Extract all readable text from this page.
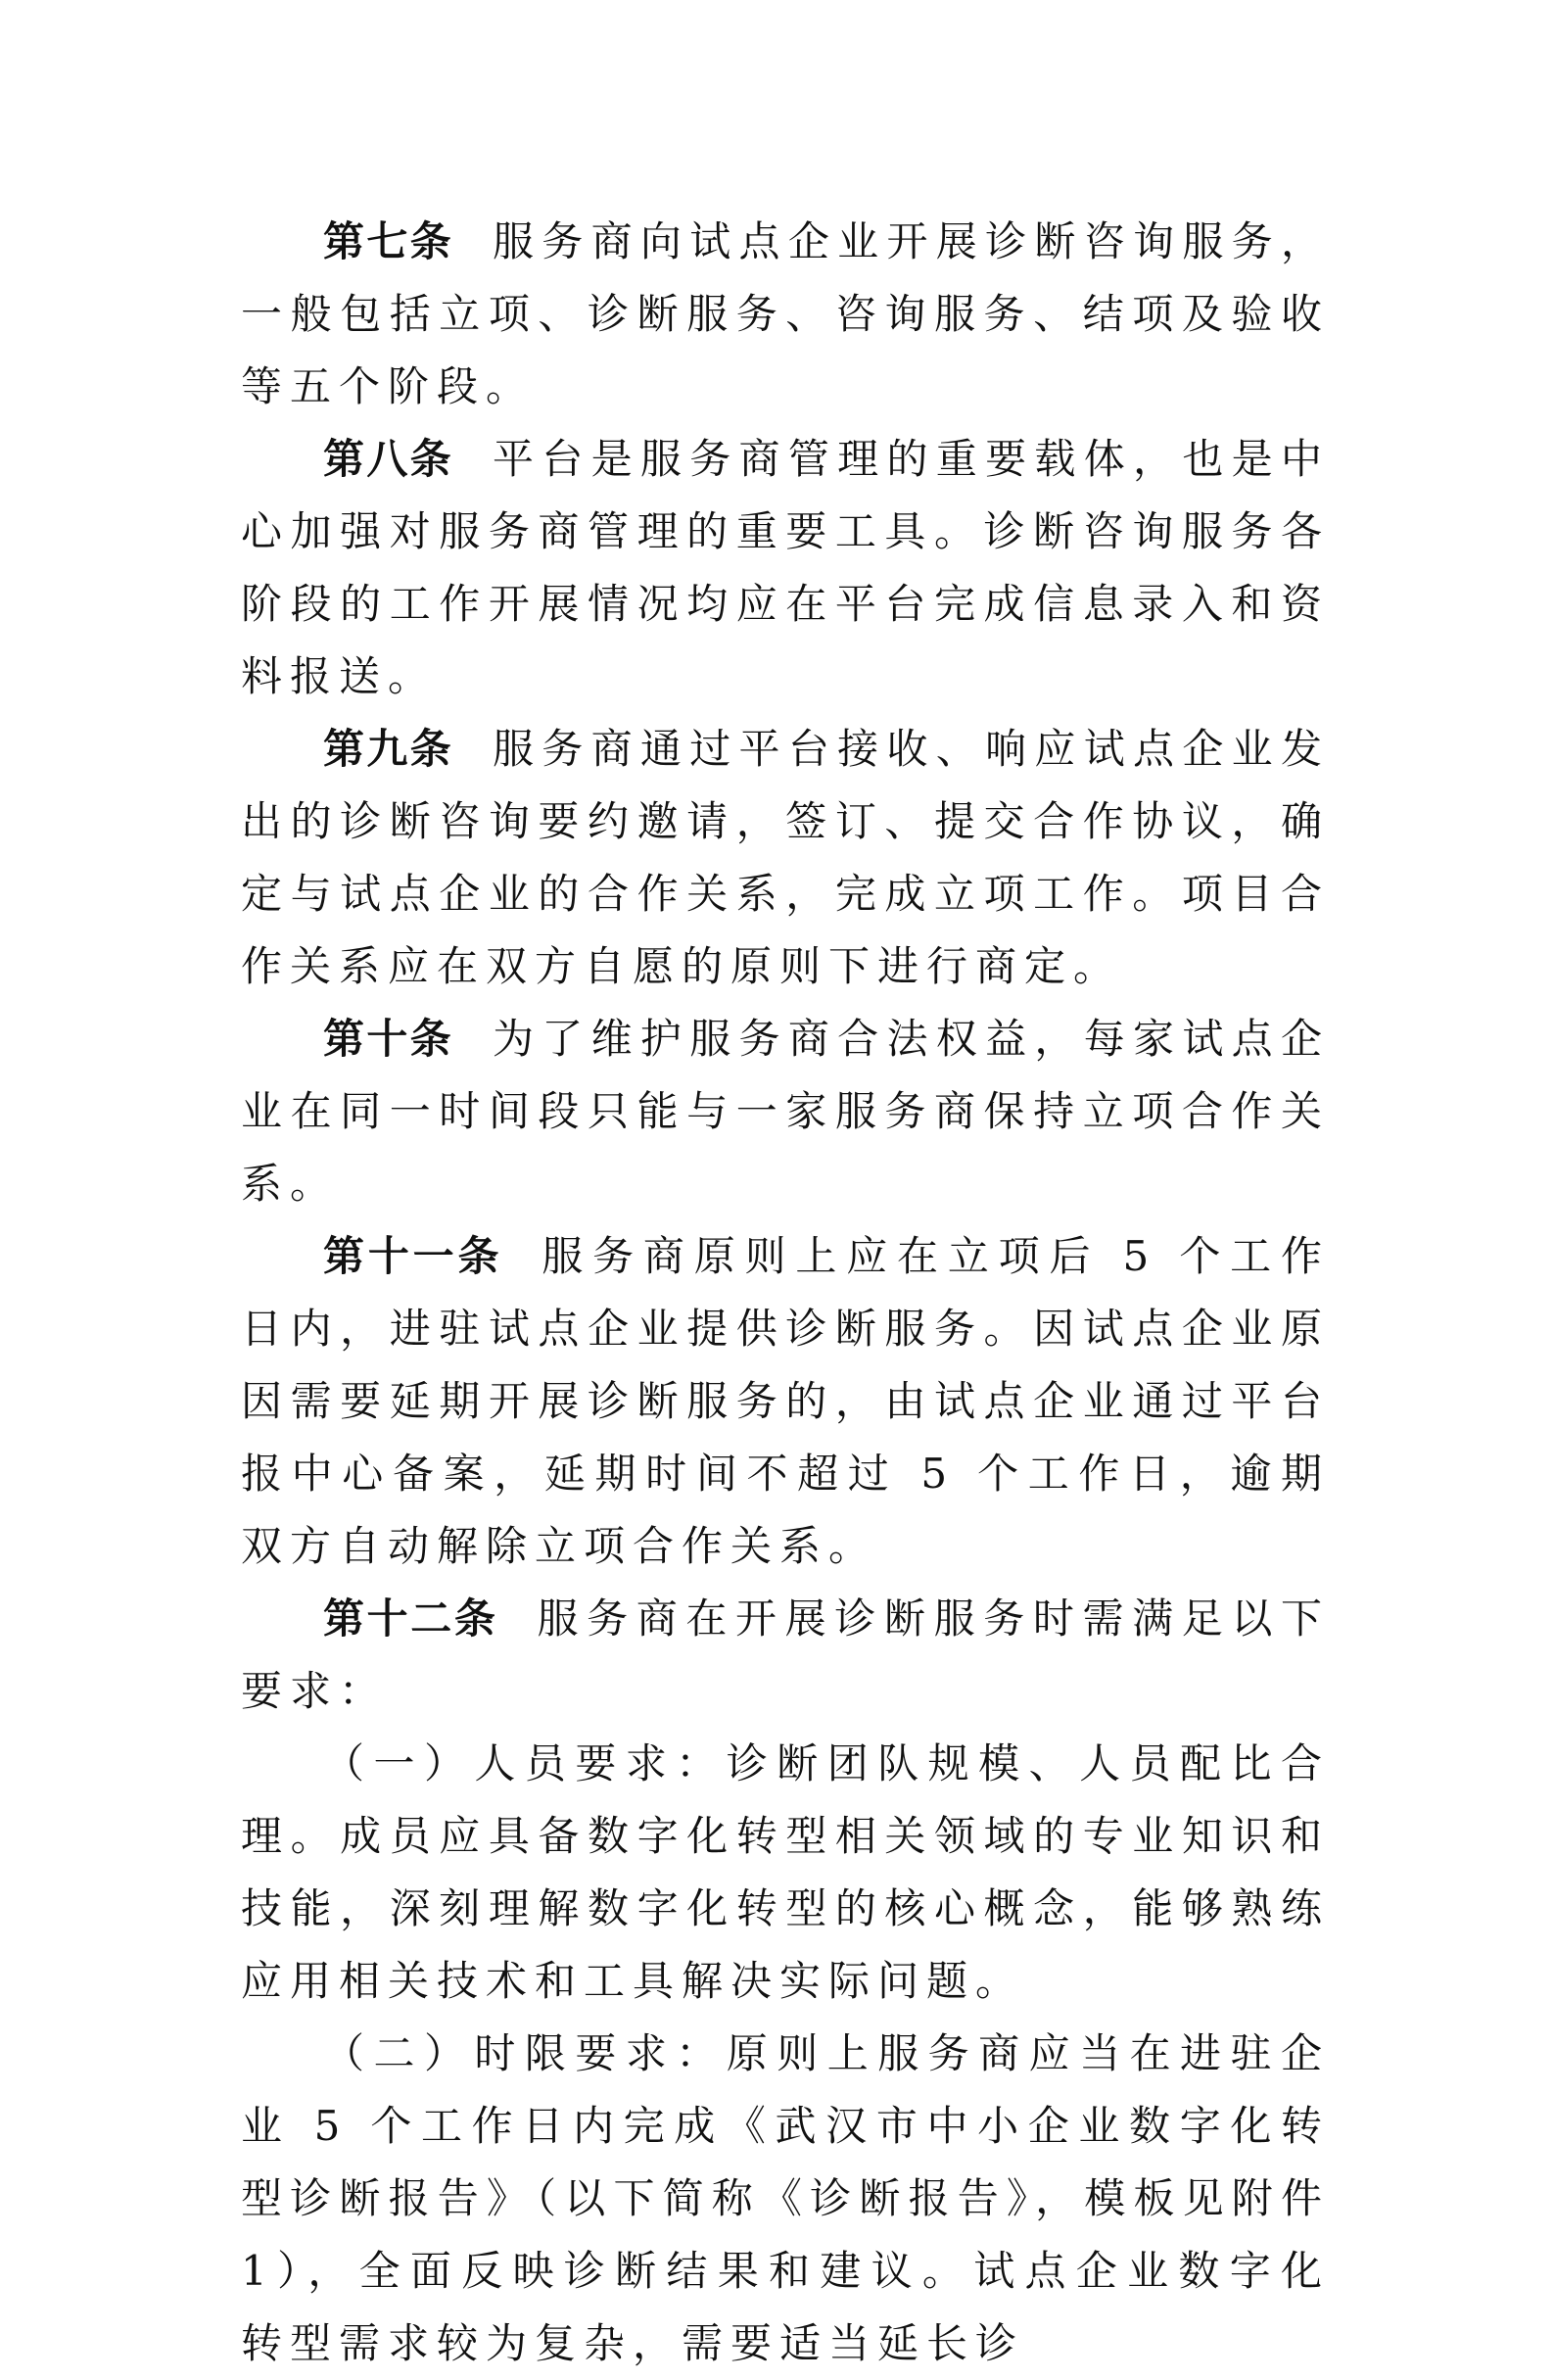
第七条 服务商向试点企业开展诊断咨询服务，一般包括立项、诊断服务、咨询服务、结项及验收等五个阶段。

第八条 平台是服务商管理的重要载体，也是中心加强对服务商管理的重要工具。诊断咨询服务各阶段的工作开展情况均应在平台完成信息录入和资料报送。

第九条 服务商通过平台接收、响应试点企业发出的诊断咨询要约邀请，签订、提交合作协议，确定与试点企业的合作关系，完成立项工作。项目合作关系应在双方自愿的原则下进行商定。

第十条 为了维护服务商合法权益，每家试点企业在同一时间段只能与一家服务商保持立项合作关系。

第十一条 服务商原则上应在立项后 5 个工作日内，进驻试点企业提供诊断服务。因试点企业原因需要延期开展诊断服务的，由试点企业通过平台报中心备案，延期时间不超过 5 个工作日，逾期双方自动解除立项合作关系。

第十二条 服务商在开展诊断服务时需满足以下要求：

（一）人员要求：诊断团队规模、人员配比合理。成员应具备数字化转型相关领域的专业知识和技能，深刻理解数字化转型的核心概念，能够熟练应用相关技术和工具解决实际问题。

（二）时限要求：原则上服务商应当在进驻企业 5 个工作日内完成《武汉市中小企业数字化转型诊断报告》（以下简称《诊断报告》，模板见附件 1），全面反映诊断结果和建议。试点企业数字化转型需求较为复杂，需要适当延长诊
